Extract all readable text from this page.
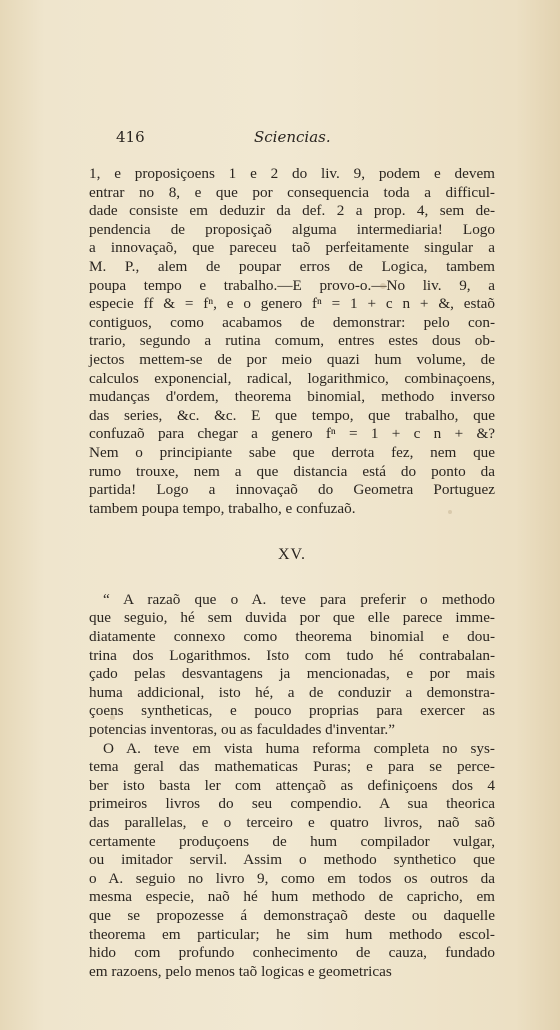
416	Sciencias.
1, e proposiçoens 1 e 2 do liv. 9, podem e devem
entrar no 8, e que por consequencia toda a difficul-
dade consiste em deduzir da def. 2 a prop. 4, sem de-
pendencia de proposiçaõ alguma intermediaria! Logo
a innovaçaõ, que pareceu taõ perfeitamente singular a
M. P., alem de poupar erros de Logica, tambem
poupa tempo e trabalho.—E provo-o.—No liv. 9, a
especie ff & = fⁿ, e o genero fⁿ = 1 + c n + &, estaõ
contiguos, como acabamos de demonstrar: pelo con-
trario, segundo a rutina comum, entres estes dous ob-
jectos mettem-se de por meio quazi hum volume, de
calculos exponencial, radical, logarithmico, combinaçoens,
mudanças d'ordem, theorema binomial, methodo inverso
das series, &c. &c. E que tempo, que trabalho, que
confuzaõ para chegar a genero fⁿ = 1 + c n + &?
Nem o principiante sabe que derrota fez, nem que
rumo trouxe, nem a que distancia está do ponto da
partida! Logo a innovaçaõ do Geometra Portuguez
tambem poupa tempo, trabalho, e confuzaõ.
XV.
“ A razaõ que o A. teve para preferir o methodo
que seguio, hé sem duvida por que elle parece imme-
diatamente connexo como theorema binomial e dou-
trina dos Logarithmos. Isto com tudo hé contrabalan-
çado pelas desvantagens ja mencionadas, e por mais
huma addicional, isto hé, a de conduzir a demonstra-
çoens syntheticas, e pouco proprias para exercer as
potencias inventoras, ou as faculdades d'inventar.”
O A. teve em vista huma reforma completa no sys-
tema geral das mathematicas Puras; e para se perce-
ber isto basta ler com attençaõ as definiçoens dos 4
primeiros livros do seu compendio. A sua theorica
das parallelas, e o terceiro e quatro livros, naõ saõ
certamente produçoens de hum compilador vulgar,
ou imitador servil. Assim o methodo synthetico que
o A. seguio no livro 9, como em todos os outros da
mesma especie, naõ hé hum methodo de capricho, em
que se propozesse á demonstraçaõ deste ou daquelle
theorema em particular; he sim hum methodo escol-
hido com profundo conhecimento de cauza, fundado
em razoens, pelo menos taõ logicas e geometricas
